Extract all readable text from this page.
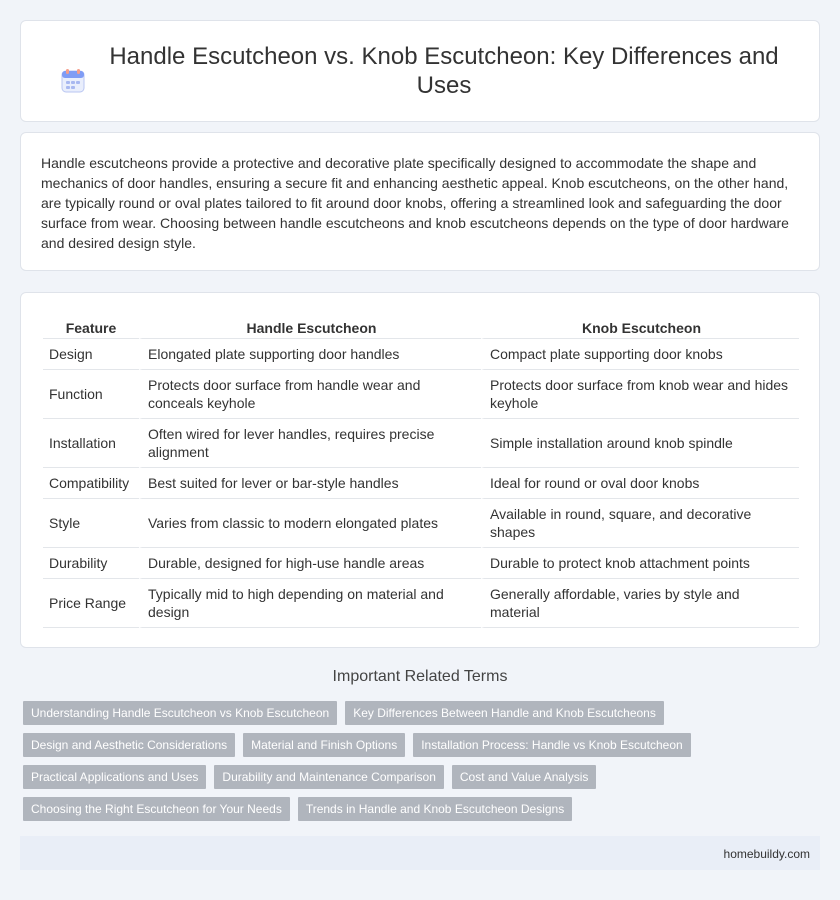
Handle Escutcheon vs. Knob Escutcheon: Key Differences and Uses

Handle escutcheons provide a protective and decorative plate specifically designed to accommodate the shape and mechanics of door handles, ensuring a secure fit and enhancing aesthetic appeal. Knob escutcheons, on the other hand, are typically round or oval plates tailored to fit around door knobs, offering a streamlined look and safeguarding the door surface from wear. Choosing between handle escutcheons and knob escutcheons depends on the type of door hardware and desired design style.

Feature	Handle Escutcheon	Knob Escutcheon
Design	Elongated plate supporting door handles	Compact plate supporting door knobs
Function	Protects door surface from handle wear and conceals keyhole	Protects door surface from knob wear and hides keyhole
Installation	Often wired for lever handles, requires precise alignment	Simple installation around knob spindle
Compatibility	Best suited for lever or bar-style handles	Ideal for round or oval door knobs
Style	Varies from classic to modern elongated plates	Available in round, square, and decorative shapes
Durability	Durable, designed for high-use handle areas	Durable to protect knob attachment points
Price Range	Typically mid to high depending on material and design	Generally affordable, varies by style and material
Important Related Terms
Understanding Handle Escutcheon vs Knob Escutcheon	Key Differences Between Handle and Knob Escutcheons
Design and Aesthetic Considerations	Material and Finish Options	Installation Process: Handle vs Knob Escutcheon
Practical Applications and Uses	Durability and Maintenance Comparison	Cost and Value Analysis
Choosing the Right Escutcheon for Your Needs	Trends in Handle and Knob Escutcheon Designs
homebuildy.com
